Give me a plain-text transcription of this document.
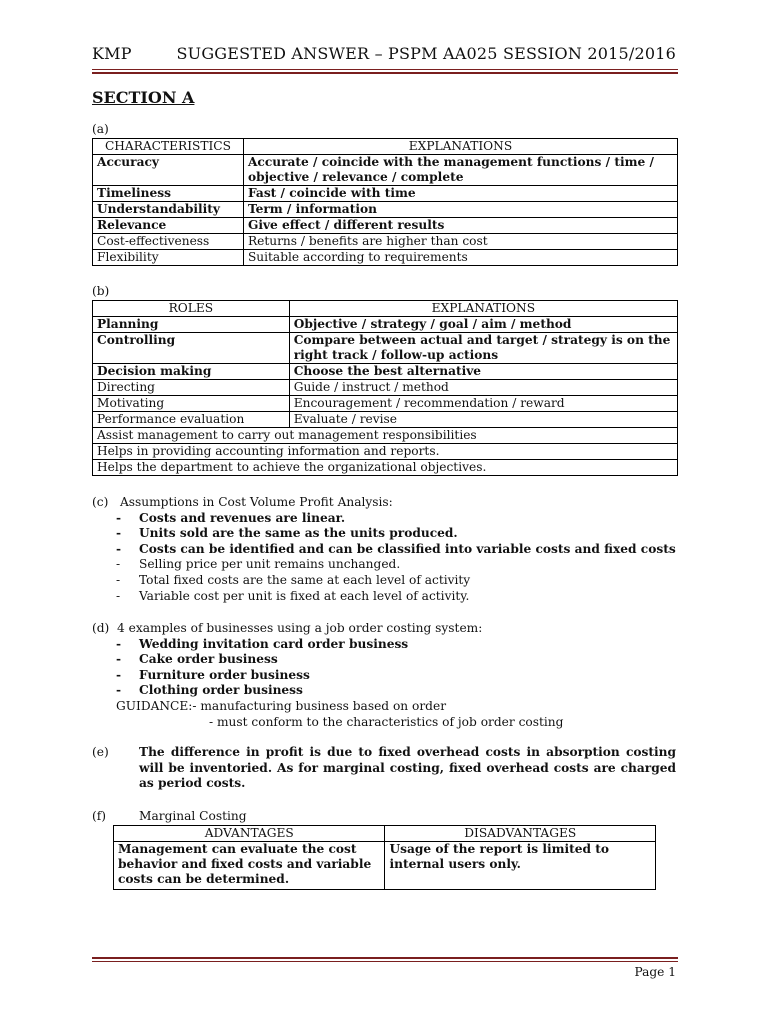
KMP	SUGGESTED ANSWER – PSPM AA025 SESSION 2015/2016
SECTION A
(a)
CHARACTERISTICS	EXPLANATIONS
Accuracy	Accurate / coincide with the management functions / time / objective / relevance / complete
Timeliness	Fast / coincide with time
Understandability	Term / information
Relevance	Give effect / different results
Cost-effectiveness	Returns / benefits are higher than cost
Flexibility	Suitable according to requirements
(b)
ROLES	EXPLANATIONS
Planning	Objective / strategy / goal / aim / method
Controlling	Compare between actual and target / strategy is on the right track / follow-up actions
Decision making	Choose the best alternative
Directing	Guide / instruct / method
Motivating	Encouragement / recommendation / reward
Performance evaluation	Evaluate / revise
Assist management to carry out management responsibilities	
Helps in providing accounting information and reports.	
Helps the department to achieve the organizational objectives.	
(c)   Assumptions in Cost Volume Profit Analysis:
- Costs and revenues are linear.
- Units sold are the same as the units produced.
- Costs can be identified and can be classified into variable costs and fixed costs
- Selling price per unit remains unchanged.
- Total fixed costs are the same at each level of activity
- Variable cost per unit is fixed at each level of activity.
(d)  4 examples of businesses using a job order costing system:
- Wedding invitation card order business
- Cake order business
- Furniture order business
- Clothing order business
GUIDANCE:- manufacturing business based on order
- must conform to the characteristics of job order costing
(e) The difference in profit is due to fixed overhead costs in absorption costing will be inventoried. As for marginal costing, fixed overhead costs are charged as period costs.
(f)	Marginal Costing
ADVANTAGES	DISADVANTAGES
Management can evaluate the cost behavior and fixed costs and variable costs can be determined.	Usage of the report is limited to internal users only.
Page 1
